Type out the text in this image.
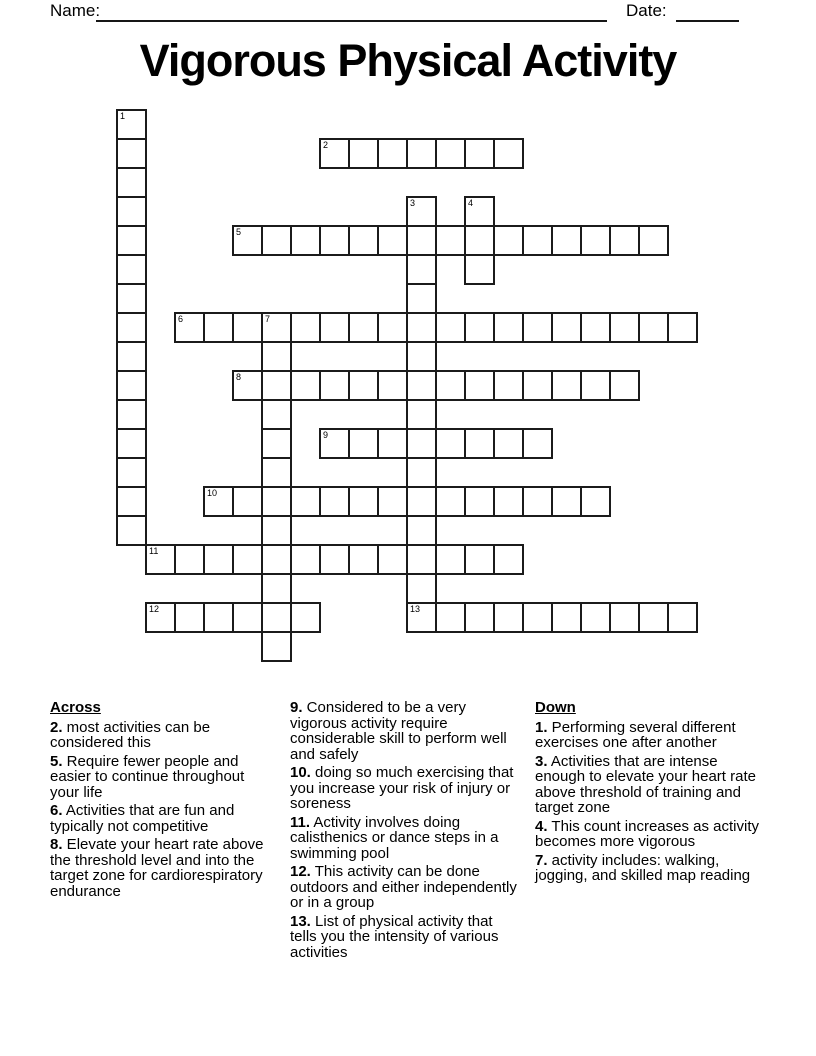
Name:	Date:
Vigorous Physical Activity
1
2
3
13
4
5
6	7
8
9
10
11
12

Across

2. most activities can be considered this

5. Require fewer people and easier to continue throughout your life

6. Activities that are fun and typically not competitive

8. Elevate your heart rate above the threshold level and into the target zone for cardiorespiratory endurance

9. Considered to be a very vigorous activity require considerable skill to perform well and safely

10. doing so much exercising that you increase your risk of injury or soreness

11. Activity involves doing calisthenics or dance steps in a swimming pool

12. This activity can be done outdoors and either independently or in a group

13. List of physical activity that tells you the intensity of various activities

Down

1. Performing several different exercises one after another

3. Activities that are intense enough to elevate your heart rate above threshold of training and target zone

4. This count increases as activity becomes more vigorous

7. activity includes: walking, jogging, and skilled map reading
